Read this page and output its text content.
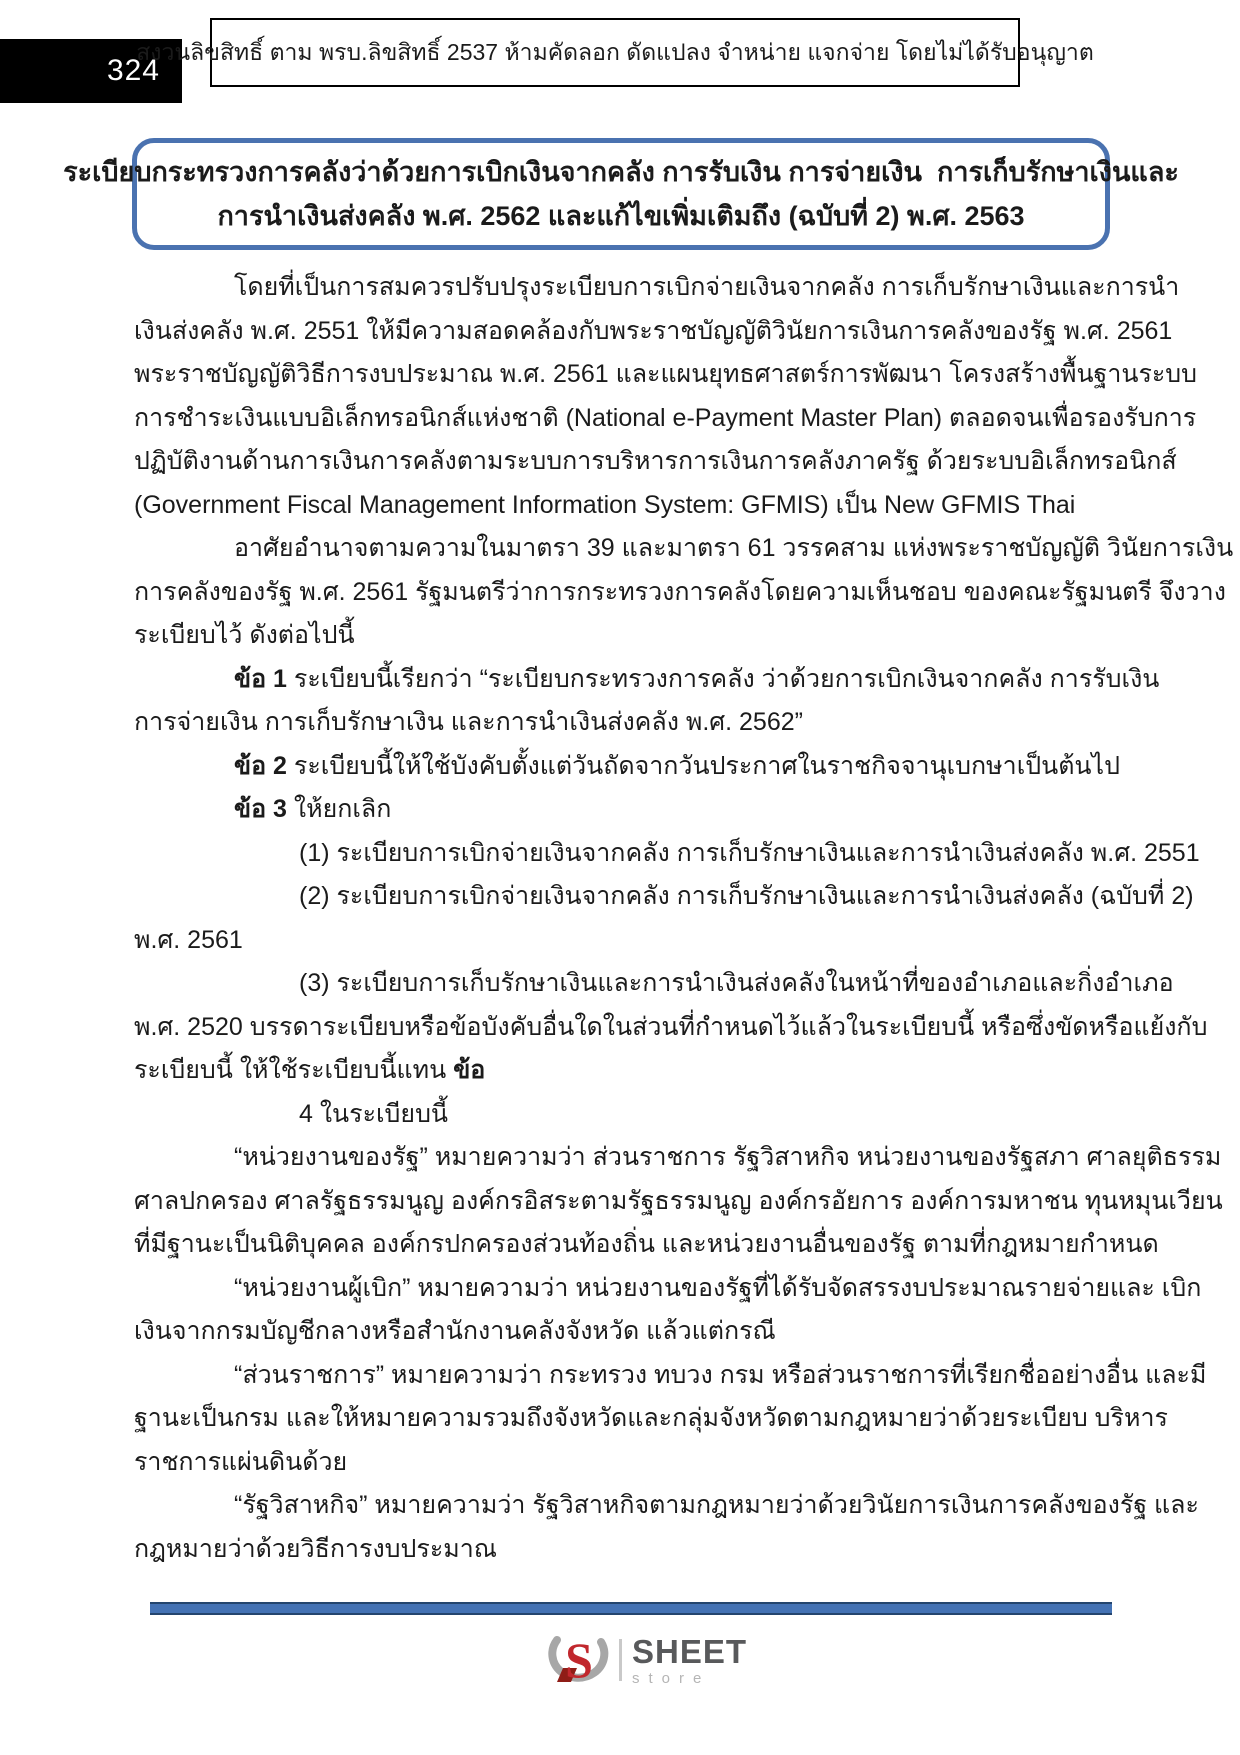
324
สงวนลิขสิทธิ์ ตาม พรบ.ลิขสิทธิ์ 2537 ห้ามคัดลอก ดัดแปลง จำหน่าย แจกจ่าย โดยไม่ได้รับอนุญาต
ระเบียบกระทรวงการคลังว่าด้วยการเบิกเงินจากคลัง การรับเงิน การจ่ายเงิน  การเก็บรักษาเงินและ
การนำเงินส่งคลัง พ.ศ. 2562 และแก้ไขเพิ่มเติมถึง (ฉบับที่ 2) พ.ศ. 2563
โดยที่เป็นการสมควรปรับปรุงระเบียบการเบิกจ่ายเงินจากคลัง การเก็บรักษาเงินและการนำ
เงินส่งคลัง พ.ศ. 2551 ให้มีความสอดคล้องกับพระราชบัญญัติวินัยการเงินการคลังของรัฐ พ.ศ. 2561
พระราชบัญญัติวิธีการงบประมาณ พ.ศ. 2561 และแผนยุทธศาสตร์การพัฒนา โครงสร้างพื้นฐานระบบ
การชำระเงินแบบอิเล็กทรอนิกส์แห่งชาติ (National e-Payment Master Plan) ตลอดจนเพื่อรองรับการ
ปฏิบัติงานด้านการเงินการคลังตามระบบการบริหารการเงินการคลังภาครัฐ ด้วยระบบอิเล็กทรอนิกส์
(Government Fiscal Management Information System: GFMIS) เป็น New GFMIS Thai
อาศัยอำนาจตามความในมาตรา 39 และมาตรา 61 วรรคสาม แห่งพระราชบัญญัติ วินัยการเงิน
การคลังของรัฐ พ.ศ. 2561 รัฐมนตรีว่าการกระทรวงการคลังโดยความเห็นชอบ ของคณะรัฐมนตรี จึงวาง
ระเบียบไว้ ดังต่อไปนี้
ข้อ 1 ระเบียบนี้เรียกว่า “ระเบียบกระทรวงการคลัง ว่าด้วยการเบิกเงินจากคลัง การรับเงิน
การจ่ายเงิน การเก็บรักษาเงิน และการนำเงินส่งคลัง พ.ศ. 2562”
ข้อ 2 ระเบียบนี้ให้ใช้บังคับตั้งแต่วันถัดจากวันประกาศในราชกิจจานุเบกษาเป็นต้นไป
ข้อ 3 ให้ยกเลิก
(1) ระเบียบการเบิกจ่ายเงินจากคลัง การเก็บรักษาเงินและการนำเงินส่งคลัง พ.ศ. 2551
(2) ระเบียบการเบิกจ่ายเงินจากคลัง การเก็บรักษาเงินและการนำเงินส่งคลัง (ฉบับที่ 2)
พ.ศ. 2561
(3) ระเบียบการเก็บรักษาเงินและการนำเงินส่งคลังในหน้าที่ของอำเภอและกิ่งอำเภอ
พ.ศ. 2520 บรรดาระเบียบหรือข้อบังคับอื่นใดในส่วนที่กำหนดไว้แล้วในระเบียบนี้ หรือซึ่งขัดหรือแย้งกับ
ระเบียบนี้ ให้ใช้ระเบียบนี้แทน ข้อ
4 ในระเบียบนี้
“หน่วยงานของรัฐ” หมายความว่า ส่วนราชการ รัฐวิสาหกิจ หน่วยงานของรัฐสภา ศาลยุติธรรม
ศาลปกครอง ศาลรัฐธรรมนูญ องค์กรอิสระตามรัฐธรรมนูญ องค์กรอัยการ องค์การมหาชน ทุนหมุนเวียน
ที่มีฐานะเป็นนิติบุคคล องค์กรปกครองส่วนท้องถิ่น และหน่วยงานอื่นของรัฐ ตามที่กฎหมายกำหนด
“หน่วยงานผู้เบิก” หมายความว่า หน่วยงานของรัฐที่ได้รับจัดสรรงบประมาณรายจ่ายและ เบิก
เงินจากกรมบัญชีกลางหรือสำนักงานคลังจังหวัด แล้วแต่กรณี
“ส่วนราชการ” หมายความว่า กระทรวง ทบวง กรม หรือส่วนราชการที่เรียกชื่ออย่างอื่น และมี
ฐานะเป็นกรม และให้หมายความรวมถึงจังหวัดและกลุ่มจังหวัดตามกฎหมายว่าด้วยระเบียบ บริหาร
ราชการแผ่นดินด้วย
“รัฐวิสาหกิจ” หมายความว่า รัฐวิสาหกิจตามกฎหมายว่าด้วยวินัยการเงินการคลังของรัฐ และ
กฎหมายว่าด้วยวิธีการงบประมาณ
S SHEET
store
